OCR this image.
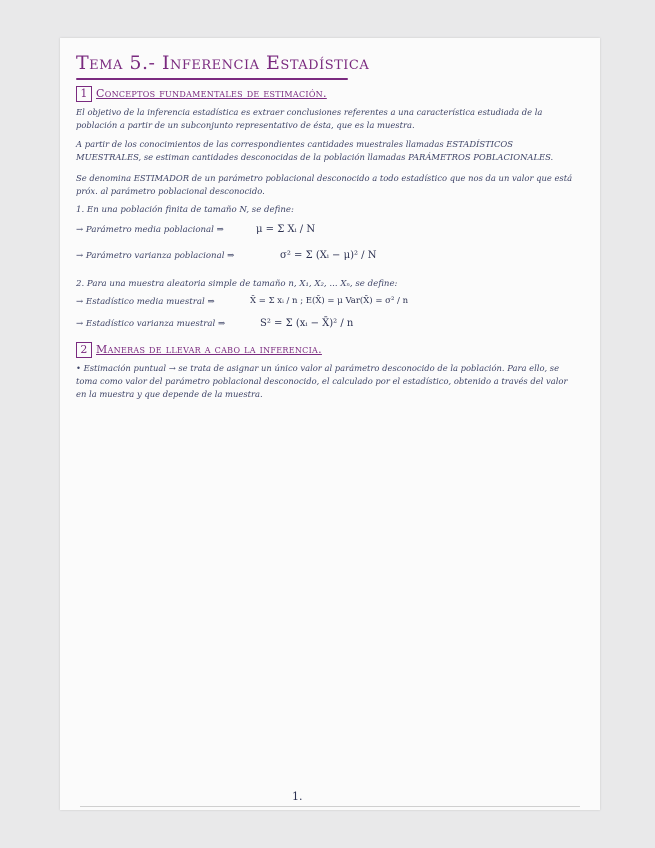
Tema 5.- Inferencia Estadística
1 Conceptos fundamentales de estimación.
El objetivo de la inferencia estadística es extraer conclusiones referentes a una característica estudiada de la población a partir de un subconjunto representativo de ésta, que es la muestra.
A partir de los conocimientos de las correspondientes cantidades muestrales llamadas ESTADÍSTICOS MUESTRALES, se estiman cantidades desconocidas de la población llamadas PARÁMETROS POBLACIONALES.
Se denomina ESTIMADOR de un parámetro poblacional desconocido a todo estadístico que nos da un valor que está próx. al parámetro poblacional desconocido.
1. En una población finita de tamaño N, se define:
→ Parámetro media poblacional ⇒	μ = Σ Xᵢ / N
→ Parámetro varianza poblacional ⇒	σ² = Σ (Xᵢ − μ)² / N
2. Para una muestra aleatoria simple de tamaño n, X₁, X₂, ... Xₙ, se define:
→ Estadístico media muestral ⇒	X̄ = Σ xᵢ / n ; E(X̄) = μ Var(X̄) = σ² / n
→ Estadístico varianza muestral ⇒	S² = Σ (xᵢ − X̄)² / n
2 Maneras de llevar a cabo la inferencia.
• Estimación puntual → se trata de asignar un único valor al parámetro desconocido de la población. Para ello, se toma como valor del parámetro poblacional desconocido, el calculado por el estadístico, obtenido a través del valor en la muestra y que depende de la muestra.
1.
